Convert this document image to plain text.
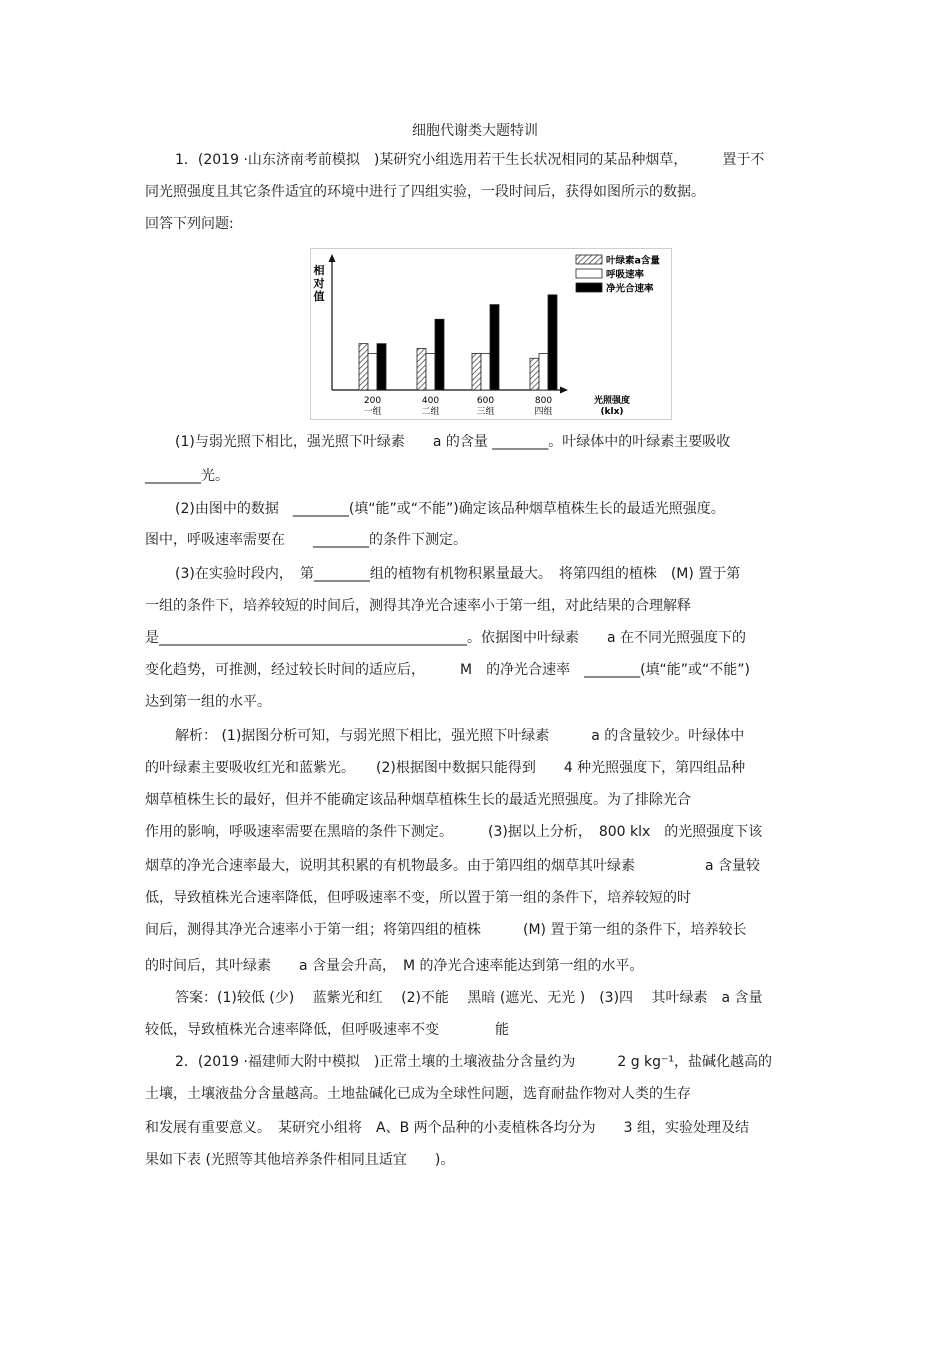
细胞代谢类大题特训
1．(2019 ·山东济南考前模拟　)某研究小组选用若干生长状况相同的某品种烟草，　　　置于不
同光照强度且其它条件适宜的环境中进行了四组实验，一段时间后，获得如图所示的数据。
回答下列问题:
相
对
值
200
一组
400
二组
600
三组
800
四组
光照强度
(klx)
叶绿素a含量
呼吸速率
净光合速率
(1)与弱光照下相比，强光照下叶绿素　　a 的含量 ________。叶绿体中的叶绿素主要吸收
________光。
(2)由图中的数据　________(填“能”或“不能”)确定该品种烟草植株生长的最适光照强度。
图中，呼吸速率需要在　　________的条件下测定。
(3)在实验时段内，　第________组的植物有机物积累量最大。　将第四组的植株　(M) 置于第
一组的条件下，培养较短的时间后，测得其净光合速率小于第一组，对此结果的合理解释
是____________________________________________。依据图中叶绿素　　a 在不同光照强度下的
变化趋势，可推测，经过较长时间的适应后，　　　M　的净光合速率　________(填“能”或“不能”)
达到第一组的水平。
解析： (1)据图分析可知，与弱光照下相比，强光照下叶绿素　　　a 的含量较少。叶绿体中
的叶绿素主要吸收红光和蓝紫光。　　(2)根据图中数据只能得到　　4 种光照强度下，第四组品种
烟草植株生长的最好，但并不能确定该品种烟草植株生长的最适光照强度。为了排除光合
作用的影响，呼吸速率需要在黑暗的条件下测定。　　　(3)据以上分析，　800 klx　的光照强度下该
烟草的净光合速率最大，说明其积累的有机物最多。由于第四组的烟草其叶绿素　　　　　a 含量较
低，导致植株光合速率降低，但呼吸速率不变，所以置于第一组的条件下，培养较短的时
间后，测得其净光合速率小于第一组；将第四组的植株　　　(M) 置于第一组的条件下，培养较长
的时间后，其叶绿素　　a 含量会升高，　M 的净光合速率能达到第一组的水平。
答案：(1)较低 (少)　 蓝紫光和红　 (2)不能　 黑暗 (遮光、无光 )　(3)四　 其叶绿素　a 含量
较低，导致植株光合速率降低，但呼吸速率不变　　　　能
2．(2019 ·福建师大附中模拟　)正常土壤的土壤液盐分含量约为　　　2 g kg⁻¹，盐碱化越高的
土壤，土壤液盐分含量越高。土地盐碱化已成为全球性问题，选育耐盐作物对人类的生存
和发展有重要意义。　某研究小组将　A、B 两个品种的小麦植株各均分为　　3 组，实验处理及结
果如下表 (光照等其他培养条件相同且适宜　　)。
